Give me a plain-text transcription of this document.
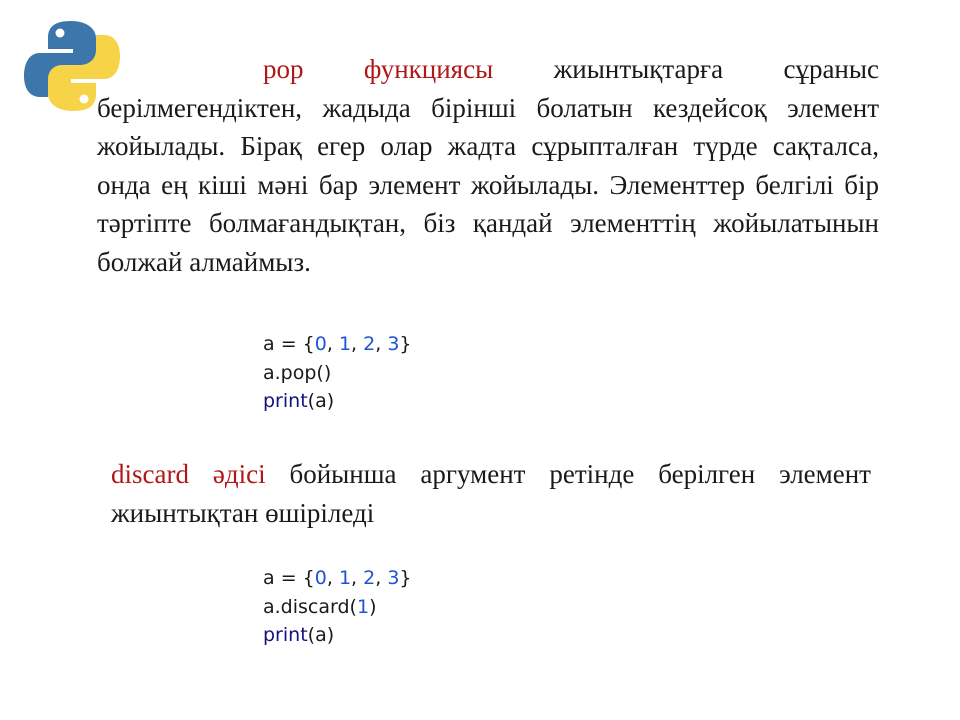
pop функциясы жиынтықтарға сұраныс берілмегендіктен, жадыда бірінші болатын кездейсоқ элемент жойылады. Бірақ егер олар жадта сұрыпталған түрде сақталса, онда ең кіші мәні бар элемент жойылады. Элементтер белгілі бір тәртіпте болмағандықтан, біз қандай элементтің жойылатынын болжай алмаймыз.

a = {0, 1, 2, 3}
a.pop()
print(a)

discard әдісі бойынша аргумент ретінде берілген элемент жиынтықтан өшіріледі

a = {0, 1, 2, 3}
a.discard(1)
print(a)
